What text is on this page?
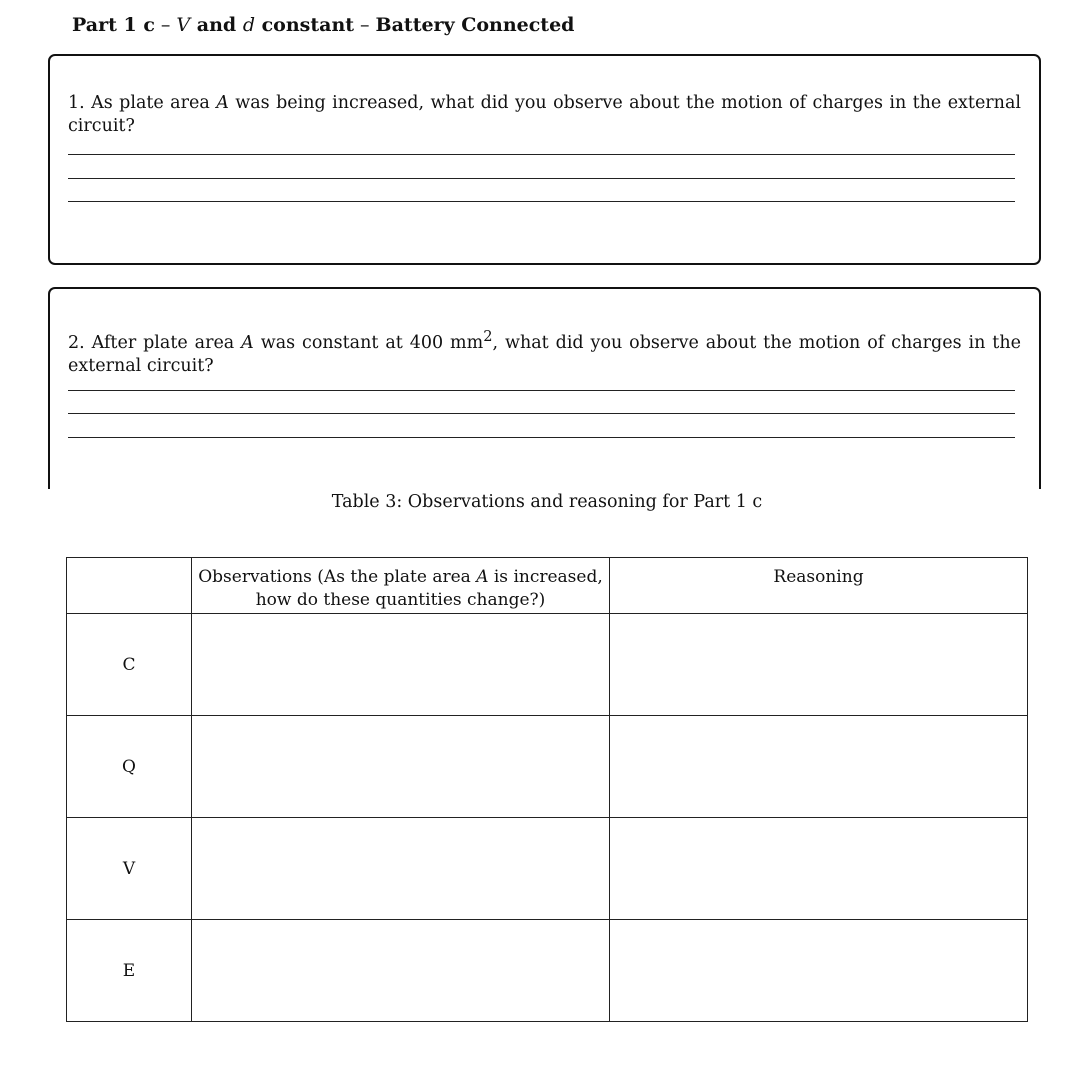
Part 1 c – V and d constant – Battery Connected
1. As plate area A was being increased, what did you observe about the motion of charges in the external circuit?
2. After plate area A was constant at 400 $mm^2$, what did you observe about the motion of charges in the external circuit?
Table 3: Observations and reasoning for Part 1 c
	Observations (As the plate area A is increased, how do these quantities change?)	Reasoning
C		
Q		
V		
E		
